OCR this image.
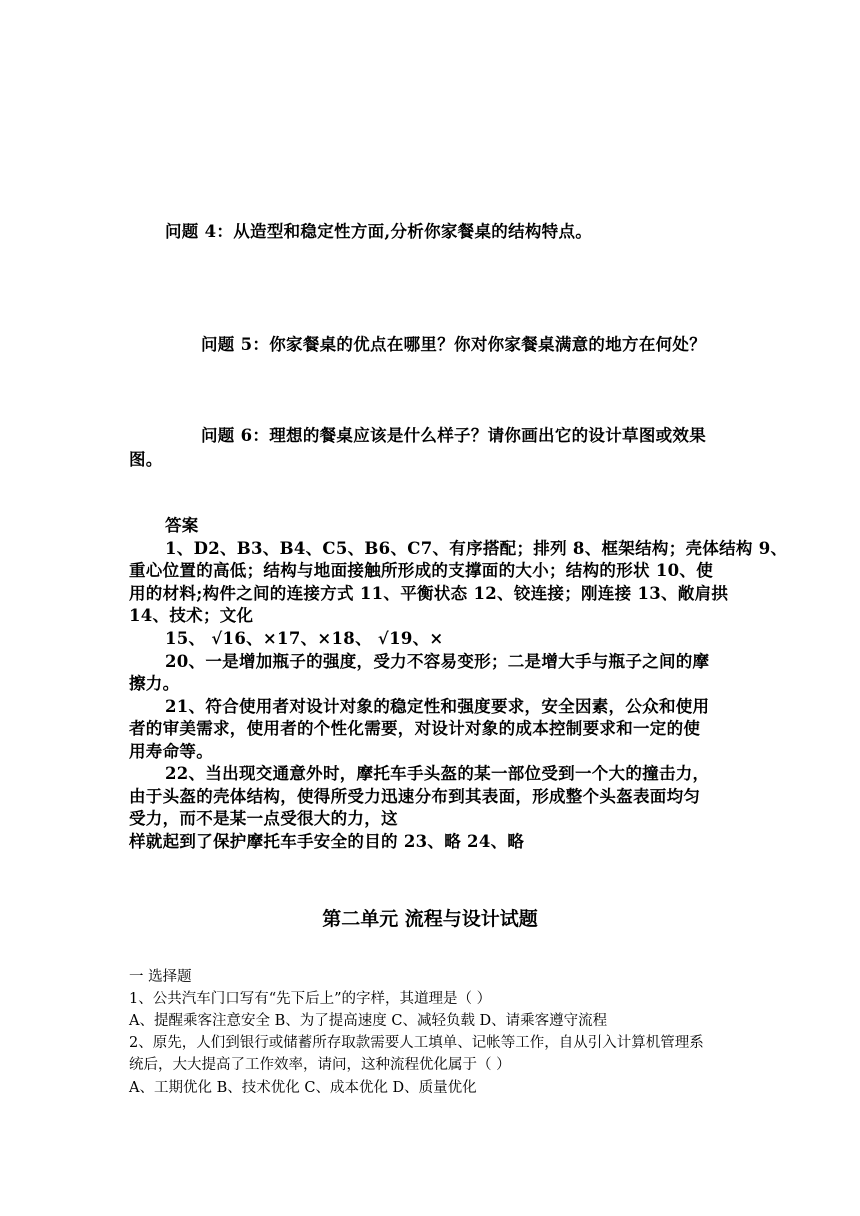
问题 4：从造型和稳定性方面,分析你家餐桌的结构特点。

问题 5：你家餐桌的优点在哪里？你对你家餐桌满意的地方在何处？

问题 6：理想的餐桌应该是什么样子？请你画出它的设计草图或效果

图。

答案

1、D2、B3、B4、C5、B6、C7、有序搭配；排列 8、框架结构；壳体结构 9、

重心位置的高低；结构与地面接触所形成的支撑面的大小；结构的形状 10、使

用的材料;构件之间的连接方式 11、平衡状态 12、铰连接；刚连接 13、敞肩拱

14、技术；文化

15、 √16、×17、×18、 √19、×

20、一是增加瓶子的强度，受力不容易变形；二是增大手与瓶子之间的摩

擦力。

21、符合使用者对设计对象的稳定性和强度要求，安全因素，公众和使用

者的审美需求，使用者的个性化需要，对设计对象的成本控制要求和一定的使

用寿命等。

22、当出现交通意外时，摩托车手头盔的某一部位受到一个大的撞击力，

由于头盔的壳体结构，使得所受力迅速分布到其表面，形成整个头盔表面均匀

受力，而不是某一点受很大的力，这

样就起到了保护摩托车手安全的目的 23、略 24、略

第二单元 流程与设计试题

一 选择题

1、公共汽车门口写有“先下后上”的字样，其道理是（ ）

A、提醒乘客注意安全 B、为了提高速度 C、减轻负载 D、请乘客遵守流程

2、原先，人们到银行或储蓄所存取款需要人工填单、记帐等工作，自从引入计算机管理系

统后，大大提高了工作效率，请问，这种流程优化属于（ ）

A、工期优化 B、技术优化 C、成本优化 D、质量优化
